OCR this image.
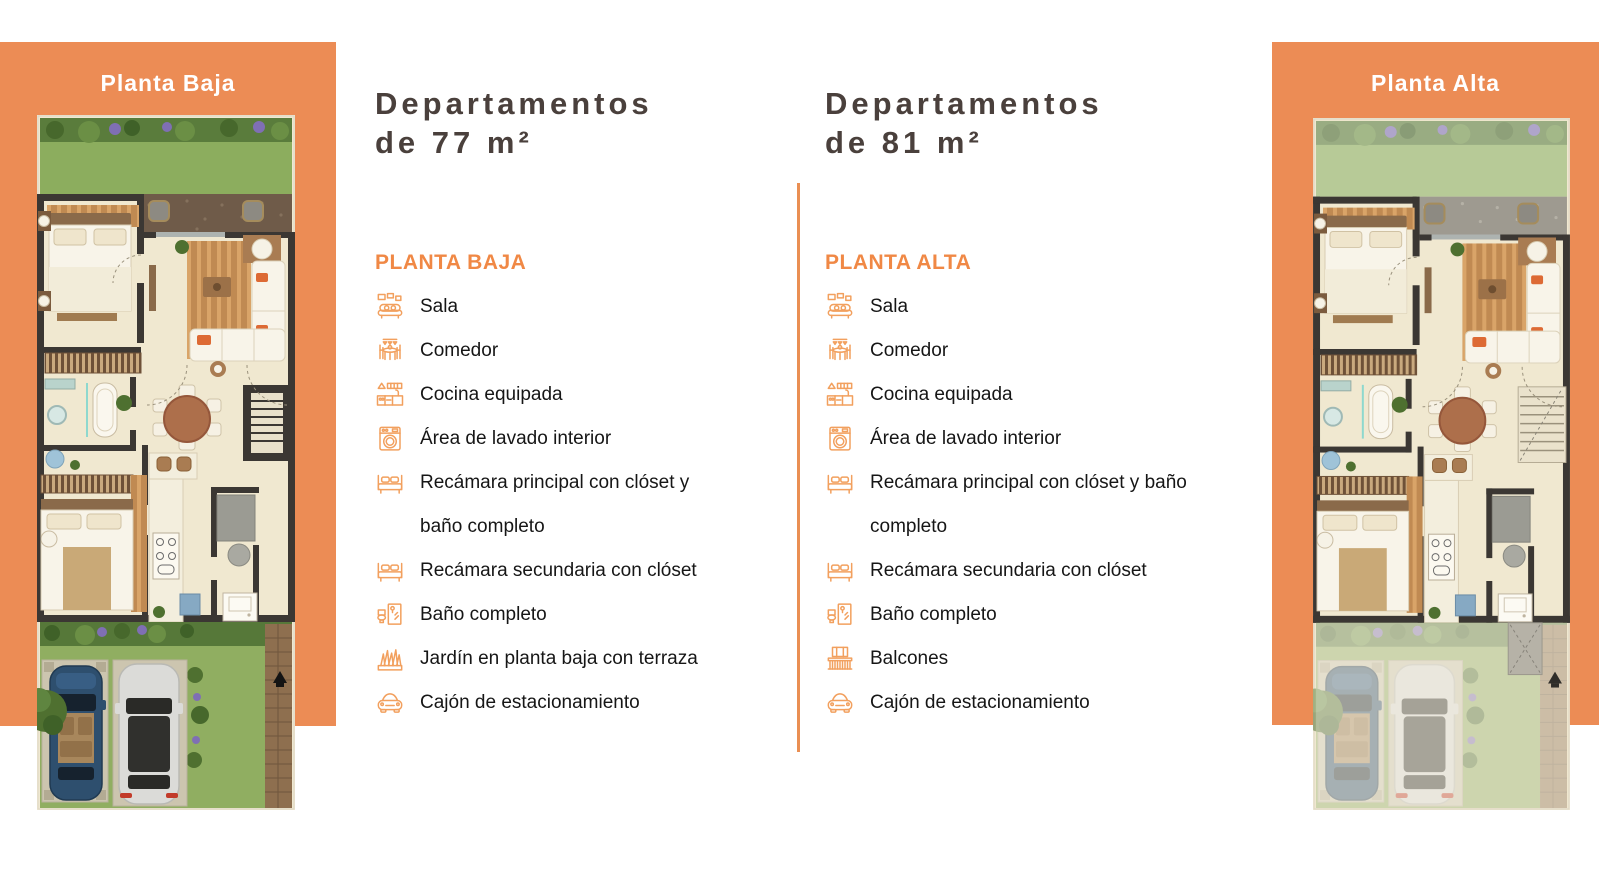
Planta Baja	Planta Alta
Departamentos
de 77 m²
PLANTA BAJA
Sala
Comedor
Cocina equipada
Área de lavado interior
Recámara principal con clóset y baño completo
Recámara secundaria con clóset
Baño completo
Jardín en planta baja con terraza
Cajón de estacionamiento
Departamentos
de 81 m²
PLANTA ALTA
Sala
Comedor
Cocina equipada
Área de lavado interior
Recámara principal con clóset y baño completo
Recámara secundaria con clóset
Baño completo
Balcones
Cajón de estacionamiento
